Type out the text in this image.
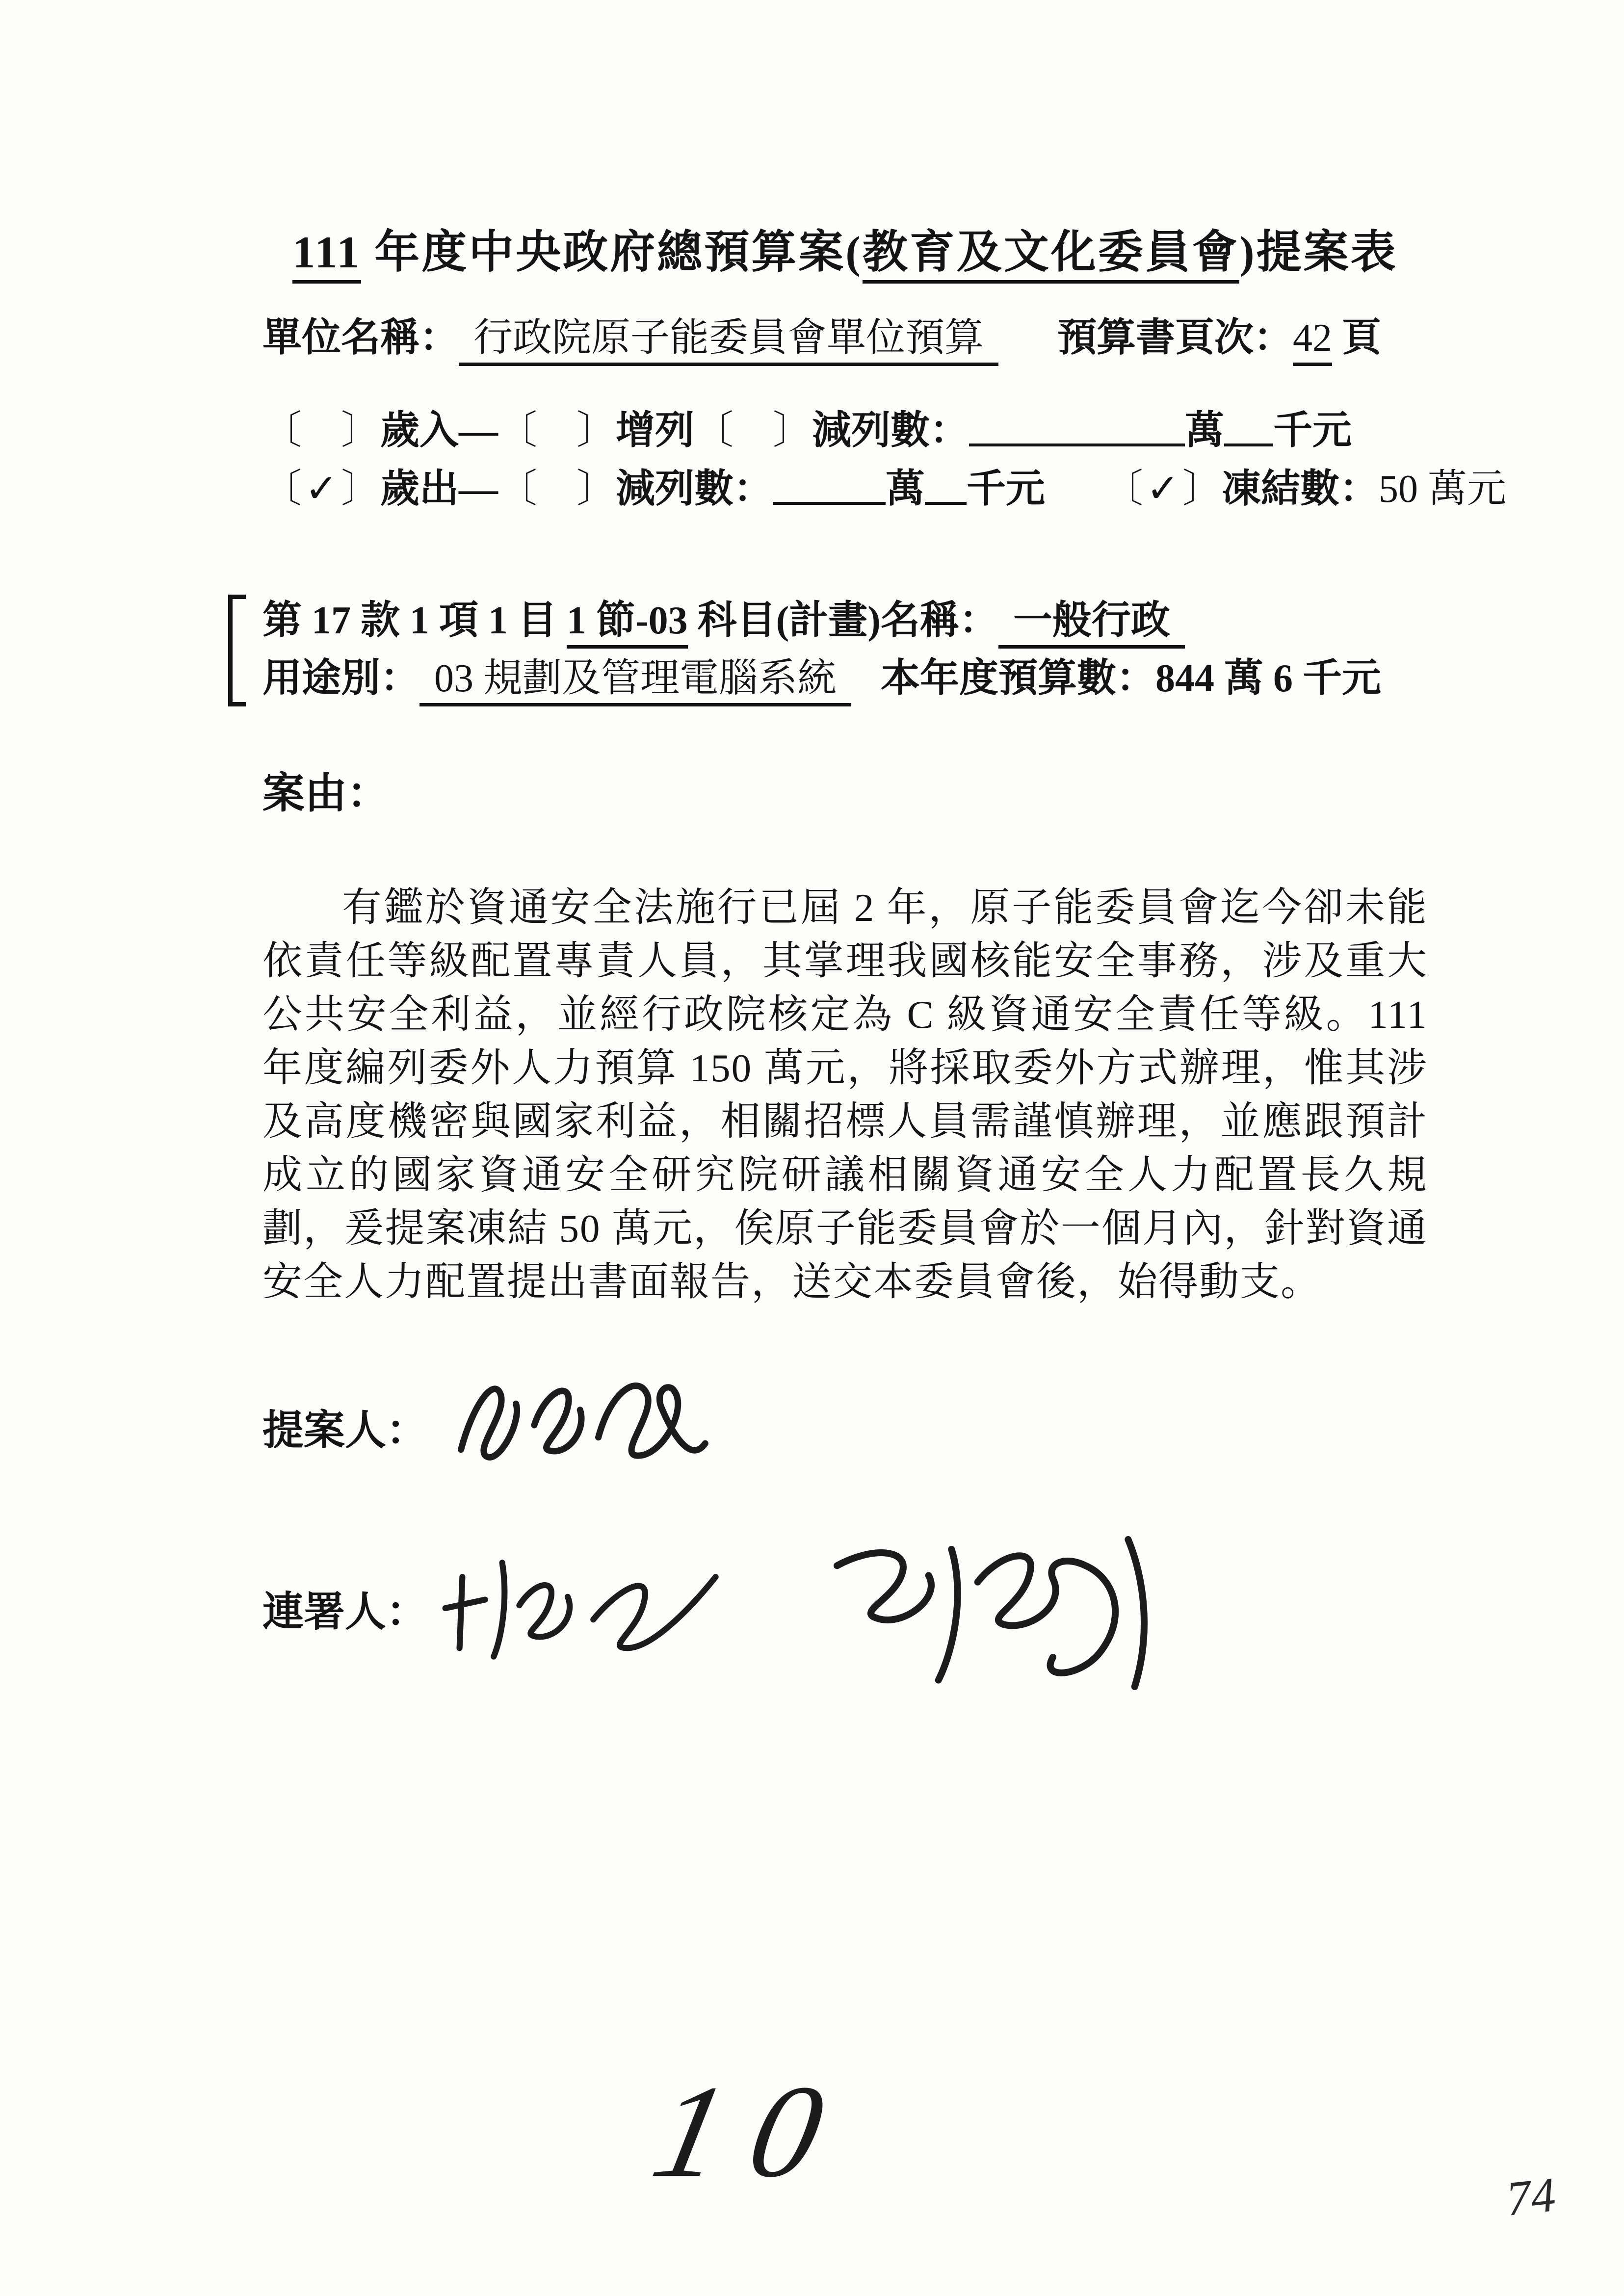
111 年度中央政府總預算案(教育及文化委員會)提案表
單位名稱： 行政院原子能委員會單位預算 預算書頁次：42 頁
〔　 〕歲入—〔　 〕增列〔　 〕減列數：	萬 千元
〔✓〕歲出—〔　 〕減列數：	萬 千元 〔✓〕凍結數：50 萬元
第 17 款 1 項 1 目 1 節-03 科目(計畫)名稱： 一般行政
用途別： 03 規劃及管理電腦系統 本年度預算數：844 萬 6 千元
案由：

有鑑於資通安全法施行已屆 2 年，原子能委員會迄今卻未能依責任等級配置專責人員，其掌理我國核能安全事務，涉及重大公共安全利益，並經行政院核定為 C 級資通安全責任等級。111 年度編列委外人力預算 150 萬元，將採取委外方式辦理，惟其涉及高度機密與國家利益，相關招標人員需謹慎辦理，並應跟預計成立的國家資通安全研究院研議相關資通安全人力配置長久規劃，爰提案凍結 50 萬元，俟原子能委員會於一個月內，針對資通安全人力配置提出書面報告，送交本委員會後，始得動支。

提案人：
連署人：
10	74
